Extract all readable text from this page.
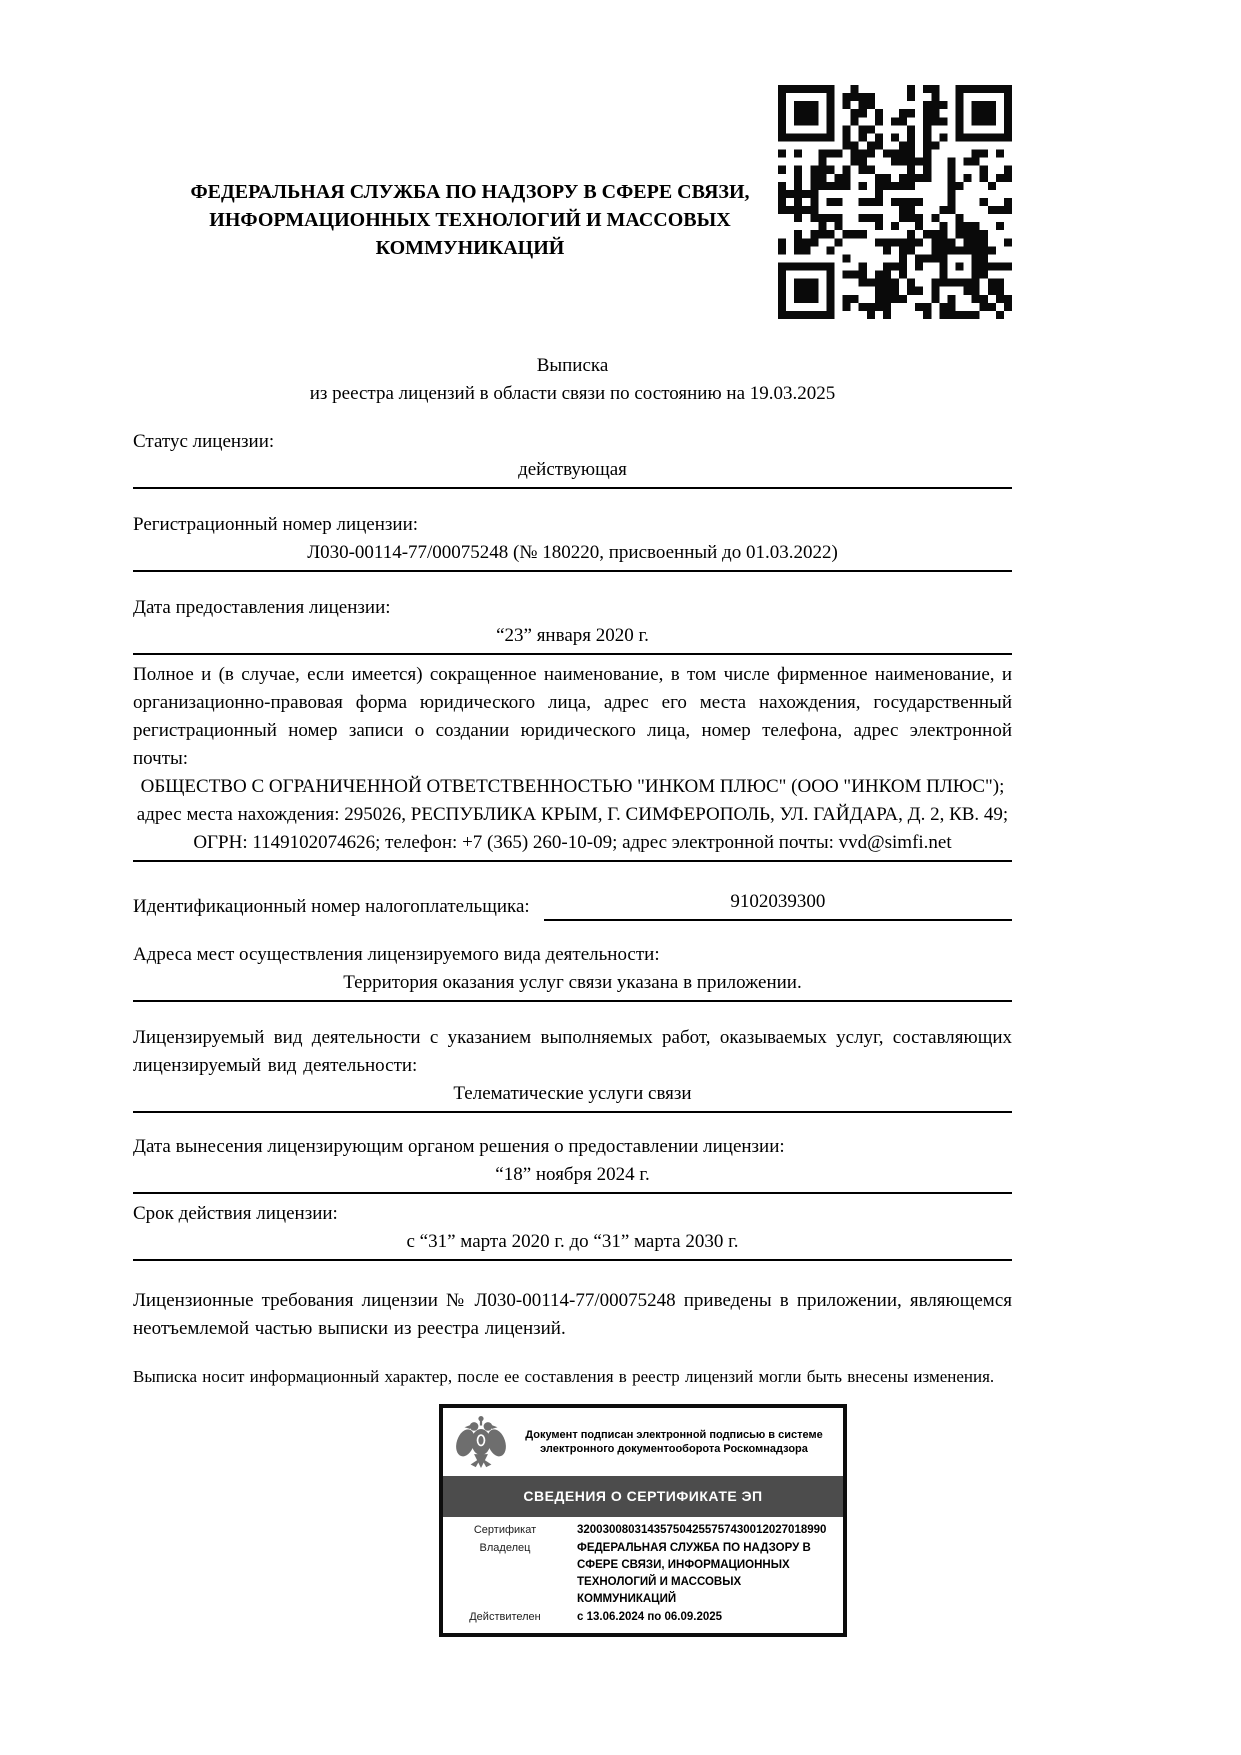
ФЕДЕРАЛЬНАЯ СЛУЖБА ПО НАДЗОРУ В СФЕРЕ СВЯЗИ, ИНФОРМАЦИОННЫХ ТЕХНОЛОГИЙ И МАССОВЫХ КОММУНИКАЦИЙ
Выписка
из реестра лицензий в области связи по состоянию на 19.03.2025
Статус лицензии:
действующая
Регистрационный номер лицензии:
Л030-00114-77/00075248 (№ 180220, присвоенный до 01.03.2022)
Дата предоставления лицензии:
“23” января 2020 г.
Полное и (в случае, если имеется) сокращенное наименование, в том числе фирменное наименование, и организационно-правовая форма юридического лица, адрес его места нахождения, государственный регистрационный номер записи о создании юридического лица, номер телефона, адрес электронной почты:
ОБЩЕСТВО С ОГРАНИЧЕННОЙ ОТВЕТСТВЕННОСТЬЮ "ИНКОМ ПЛЮС" (ООО "ИНКОМ ПЛЮС"); адрес места нахождения: 295026, РЕСПУБЛИКА КРЫМ, Г. СИМФЕРОПОЛЬ, УЛ. ГАЙДАРА, Д. 2, КВ. 49; ОГРН: 1149102074626; телефон: +7 (365) 260-10-09; адрес электронной почты: vvd@simfi.net
Идентификационный номер налогоплательщика:	9102039300
Адреса мест осуществления лицензируемого вида деятельности:
Территория оказания услуг связи указана в приложении.
Лицензируемый вид деятельности с указанием выполняемых работ, оказываемых услуг, составляющих лицензируемый вид деятельности:
Телематические услуги связи
Дата вынесения лицензирующим органом решения о предоставлении лицензии:
“18” ноября 2024 г.
Срок действия лицензии:
с “31” марта 2020 г. до “31” марта 2030 г.

Лицензионные требования лицензии № Л030-00114-77/00075248 приведены в приложении, являющемся неотъемлемой частью выписки из реестра лицензий.

Выписка носит информационный характер, после ее составления в реестр лицензий могли быть внесены изменения.

Документ подписан электронной подписью в системе электронного документооборота Роскомнадзора
СВЕДЕНИЯ О СЕРТИФИКАТЕ ЭП
Сертификат	320030080314357504255757430012027018990
Владелец	ФЕДЕРАЛЬНАЯ СЛУЖБА ПО НАДЗОРУ В СФЕРЕ СВЯЗИ, ИНФОРМАЦИОННЫХ ТЕХНОЛОГИЙ И МАССОВЫХ КОММУНИКАЦИЙ
Действителен	с 13.06.2024 по 06.09.2025
